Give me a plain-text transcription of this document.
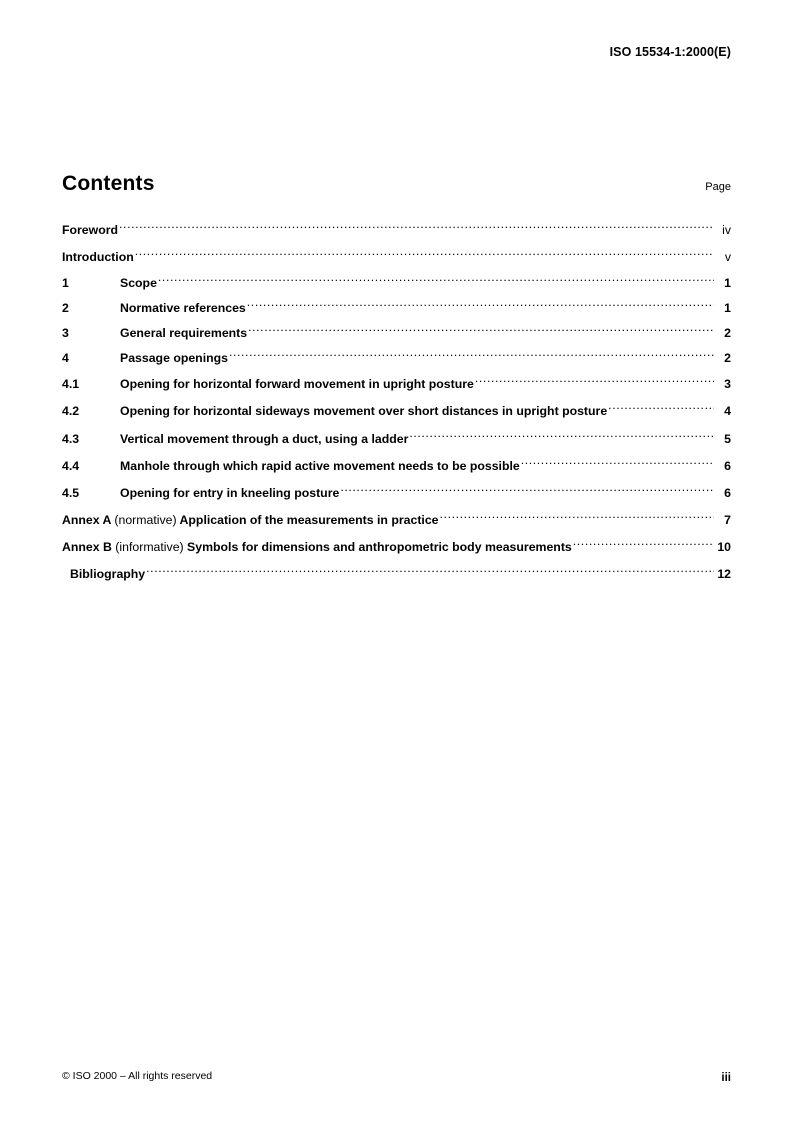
ISO 15534-1:2000(E)
Contents	Page
Foreword .....	iv
Introduction .....	v
1	Scope .....	1
2	Normative references .....	1
3	General requirements .....	2
4	Passage openings .....	2
4.1	Opening for horizontal forward movement in upright posture .....	3
4.2	Opening for horizontal sideways movement over short distances in upright posture .....	4
4.3	Vertical movement through a duct, using a ladder .....	5
4.4	Manhole through which rapid active movement needs to be possible .....	6
4.5	Opening for entry in kneeling posture .....	6
Annex A (normative) Application of the measurements in practice .....	7
Annex B (informative) Symbols for dimensions and anthropometric body measurements .....	10
Bibliography .....	12
© ISO 2000 – All rights reserved	iii
